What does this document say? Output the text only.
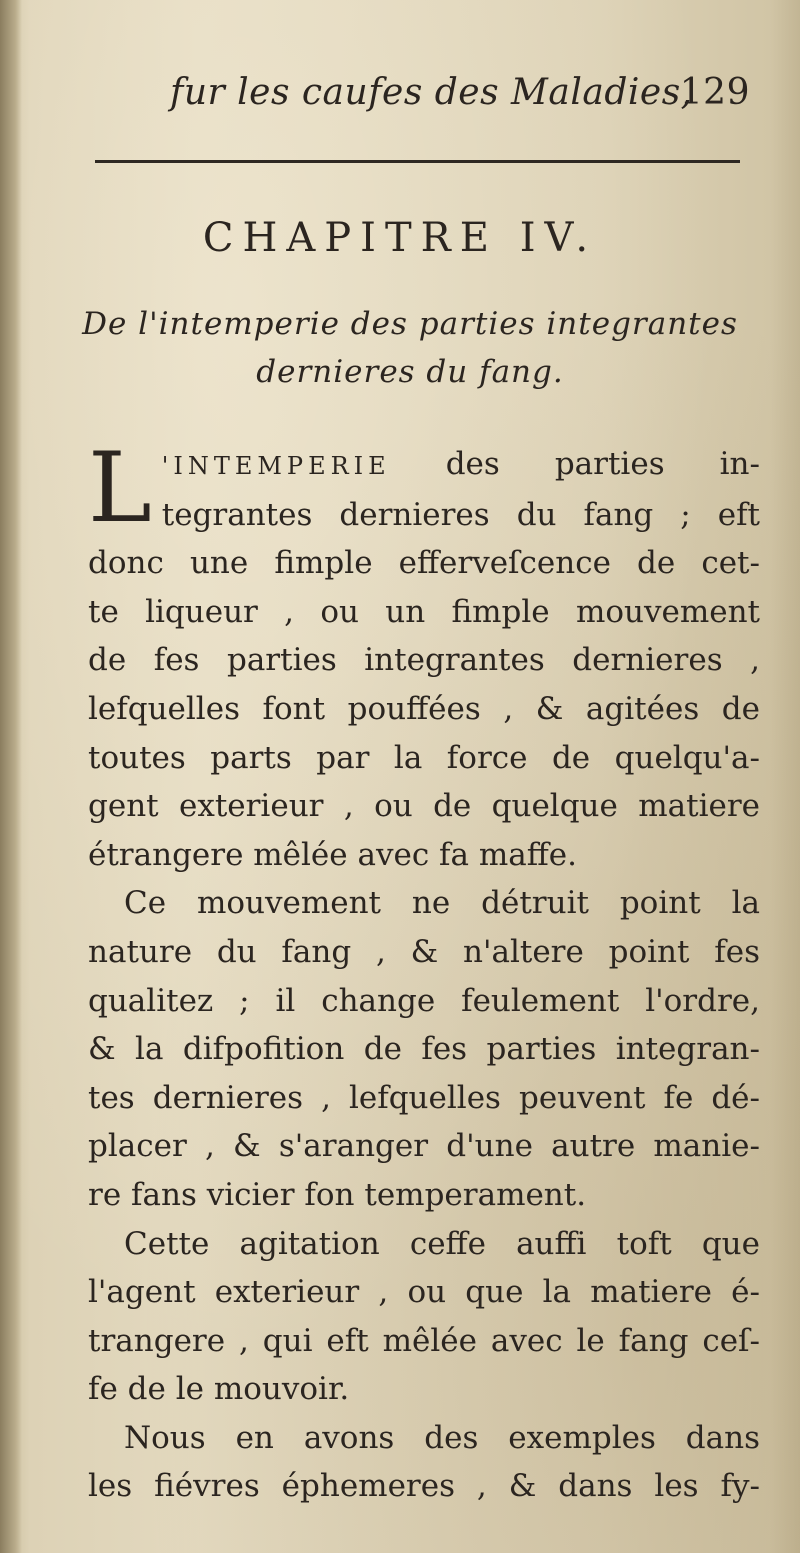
fur les caufes des Maladies,
129
CHAPITRE IV.
De l'intemperie des parties integrantes
dernieres du fang.
L 'INTEMPERIE des parties in-
tegrantes dernieres du fang ; eft
donc une fimple efferveſcence de cet-
te liqueur , ou un fimple mouvement
de fes parties integrantes dernieres ,
lefquelles font pouffées , & agitées de
toutes parts par la force de quelqu'a-
gent exterieur , ou de quelque matiere
étrangere mêlée avec fa maffe.
Ce mouvement ne détruit point la
nature du fang , & n'altere point fes
qualitez ; il change feulement l'ordre,
& la difpofition de fes parties integran-
tes dernieres , lefquelles peuvent fe dé-
placer , & s'aranger d'une autre manie-
re fans vicier fon temperament.
Cette agitation ceffe auffi toft que
l'agent exterieur , ou que la matiere é-
trangere , qui eft mêlée avec le fang ceſ-
fe de le mouvoir.
Nous en avons des exemples dans
les fiévres éphemeres , & dans les fy-
